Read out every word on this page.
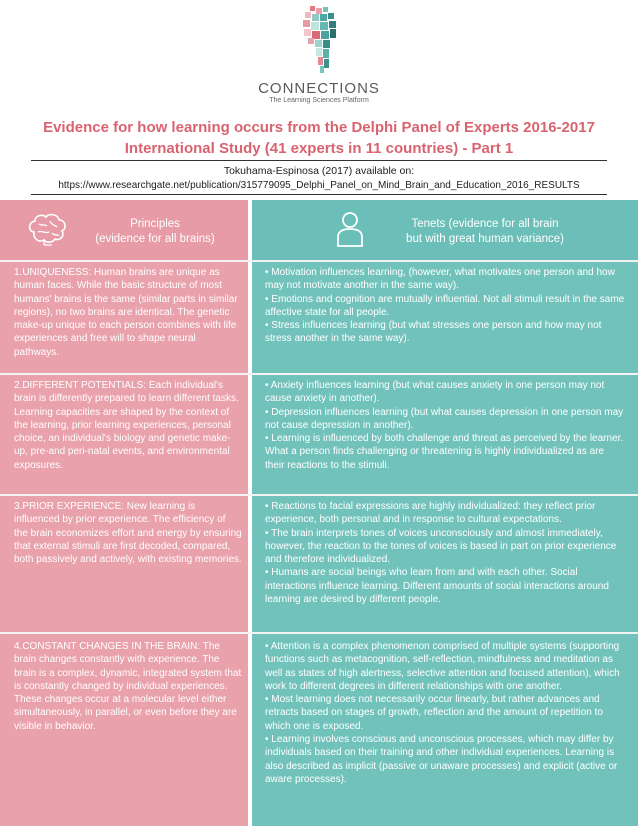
CONNECTIONS
The Learning Sciences Platform
Evidence for how learning occurs from the Delphi Panel of Experts 2016-2017
International Study (41 experts in 11 countries) - Part 1
Tokuhama-Espinosa (2017) available on:
https://www.researchgate.net/publication/315779095_Delphi_Panel_on_Mind_Brain_and_Education_2016_RESULTS
Principles
(evidence for all brains)
Tenets (evidence for all brain
but with great human variance)

1.UNIQUENESS: Human brains are unique as human faces. While the basic structure of most humans' brains is the same (similar parts in similar regions), no two brains are identical. The genetic make-up unique to each person combines with life experiences and free will to shape neural pathways.

• Motivation influences learning, (however, what motivates one person and how may not motivate another in the same way).

• Emotions and cognition are mutually influential. Not all stimuli result in the same affective state for all people.

• Stress influences learning (but what stresses one person and how may not stress another in the same way).

2.DIFFERENT POTENTIALS: Each individual's brain is differently prepared to learn different tasks. Learning capacities are shaped by the context of the learning, prior learning experiences, personal choice, an individual's biology and genetic make-up, pre-and peri-natal events, and environmental exposures.

• Anxiety influences learning (but what causes anxiety in one person may not cause anxiety in another).

• Depression influences learning (but what causes depression in one person may not cause depression in another).

• Learning is influenced by both challenge and threat as perceived by the learner. What a person finds challenging or threatening is highly individualized as are their reactions to the stimuli.

3.PRIOR EXPERIENCE: New learning is influenced by prior experience. The efficiency of the brain economizes effort and energy by ensuring that external stimuli are first decoded, compared, both passively and actively, with existing memories.

• Reactions to facial expressions are highly individualized: they reflect prior experience, both personal and in response to cultural expectations.

• The brain interprets tones of voices unconsciously and almost immediately, however, the reaction to the tones of voices is based in part on prior experience and therefore individualized.

• Humans are social beings who learn from and with each other. Social interactions influence learning. Different amounts of social interactions around learning are desired by different people.

4.CONSTANT CHANGES IN THE BRAIN: The brain changes constantly with experience. The brain is a complex, dynamic, integrated system that is constantly changed by individual experiences. These changes occur at a molecular level either simultaneously, in parallel, or even before they are visible in behavior.

• Attention is a complex phenomenon comprised of multiple systems (supporting functions such as metacognition, self-reflection, mindfulness and meditation as well as states of high alertness, selective attention and focused attention), which work to different degrees in different relationships with one another.

• Most learning does not necessarily occur linearly, but rather advances and retracts based on stages of growth, reflection and the amount of repetition to which one is exposed.

• Learning involves conscious and unconscious processes, which may differ by individuals based on their training and other individual experiences. Learning is also described as implicit (passive or unaware processes) and explicit (active or aware processes).
